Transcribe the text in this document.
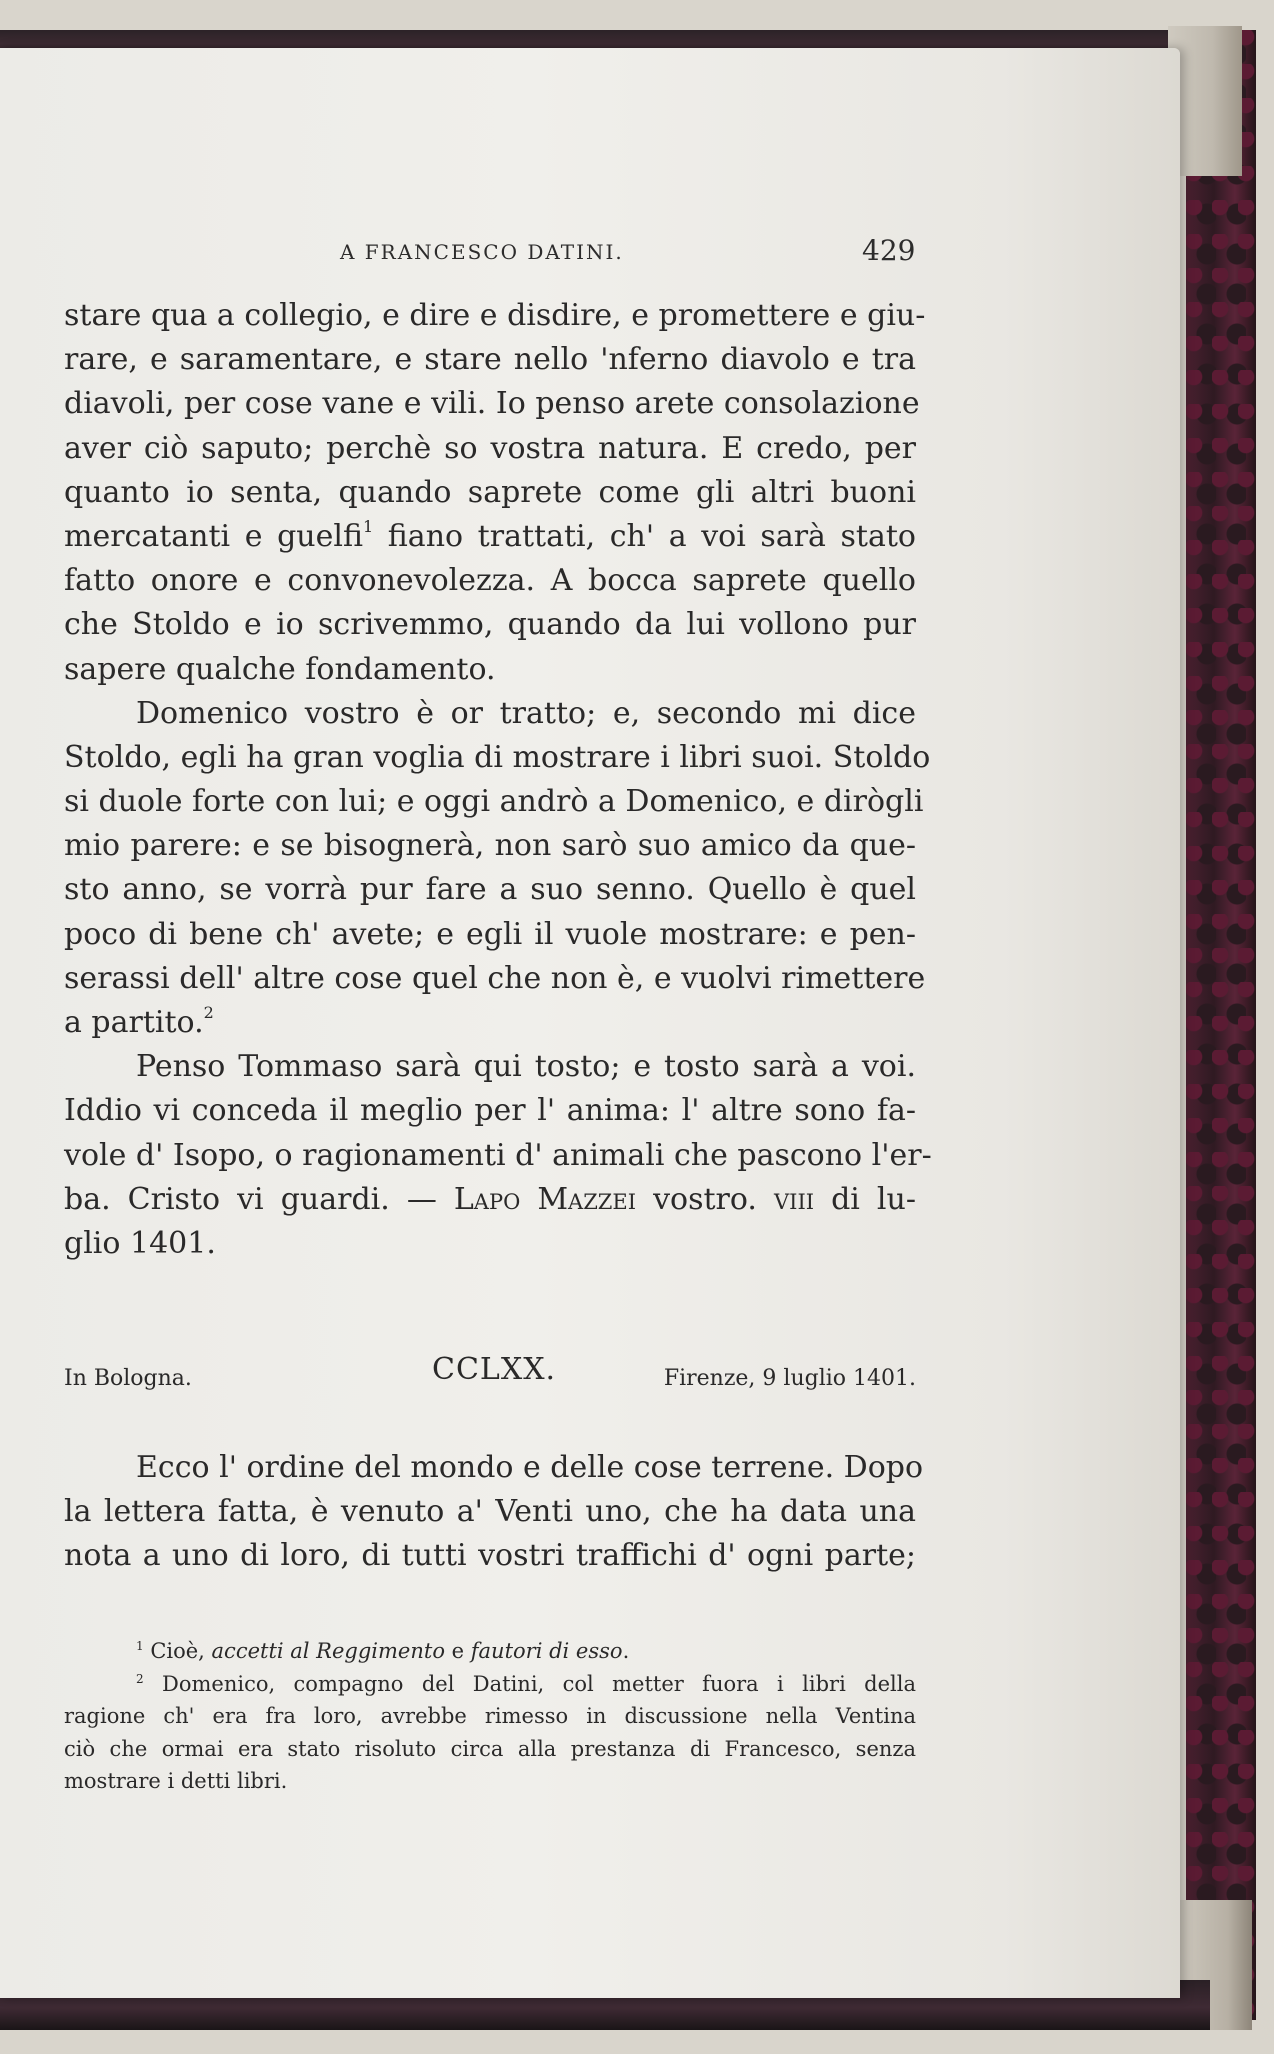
A FRANCESCO DATINI.	429
stare qua a collegio, e dire e disdire, e promettere e giu-
rare, e saramentare, e stare nello 'nferno diavolo e tra
diavoli, per cose vane e vili. Io penso arete consolazione
aver ciò saputo; perchè so vostra natura. E credo, per
quanto io senta, quando saprete come gli altri buoni
mercatanti e guelfi$^1$ fiano trattati, ch' a voi sarà stato
fatto onore e convonevolezza. A bocca saprete quello
che Stoldo e io scrivemmo, quando da lui vollono pur
sapere qualche fondamento.
Domenico vostro è or tratto; e, secondo mi dice
Stoldo, egli ha gran voglia di mostrare i libri suoi. Stoldo
si duole forte con lui; e oggi andrò a Domenico, e dirògli
mio parere: e se bisognerà, non sarò suo amico da que-
sto anno, se vorrà pur fare a suo senno. Quello è quel
poco di bene ch' avete; e egli il vuole mostrare: e pen-
serassi dell' altre cose quel che non è, e vuolvi rimettere
a partito.$^2$
Penso Tommaso sarà qui tosto; e tosto sarà a voi.
Iddio vi conceda il meglio per l' anima: l' altre sono fa-
vole d' Isopo, o ragionamenti d' animali che pascono l'er-
ba. Cristo vi guardi. — Lapo Mazzei vostro. viii di lu-
glio 1401.
In Bologna.	CCLXX.	Firenze, 9 luglio 1401.
Ecco l' ordine del mondo e delle cose terrene. Dopo
la lettera fatta, è venuto a' Venti uno, che ha data una
nota a uno di loro, di tutti vostri traffichi d' ogni parte;
$^1$ Cioè, accetti al Reggimento e fautori di esso.
$^2$ Domenico, compagno del Datini, col metter fuora i libri della
ragione ch' era fra loro, avrebbe rimesso in discussione nella Ventina
ciò che ormai era stato risoluto circa alla prestanza di Francesco, senza
mostrare i detti libri.
